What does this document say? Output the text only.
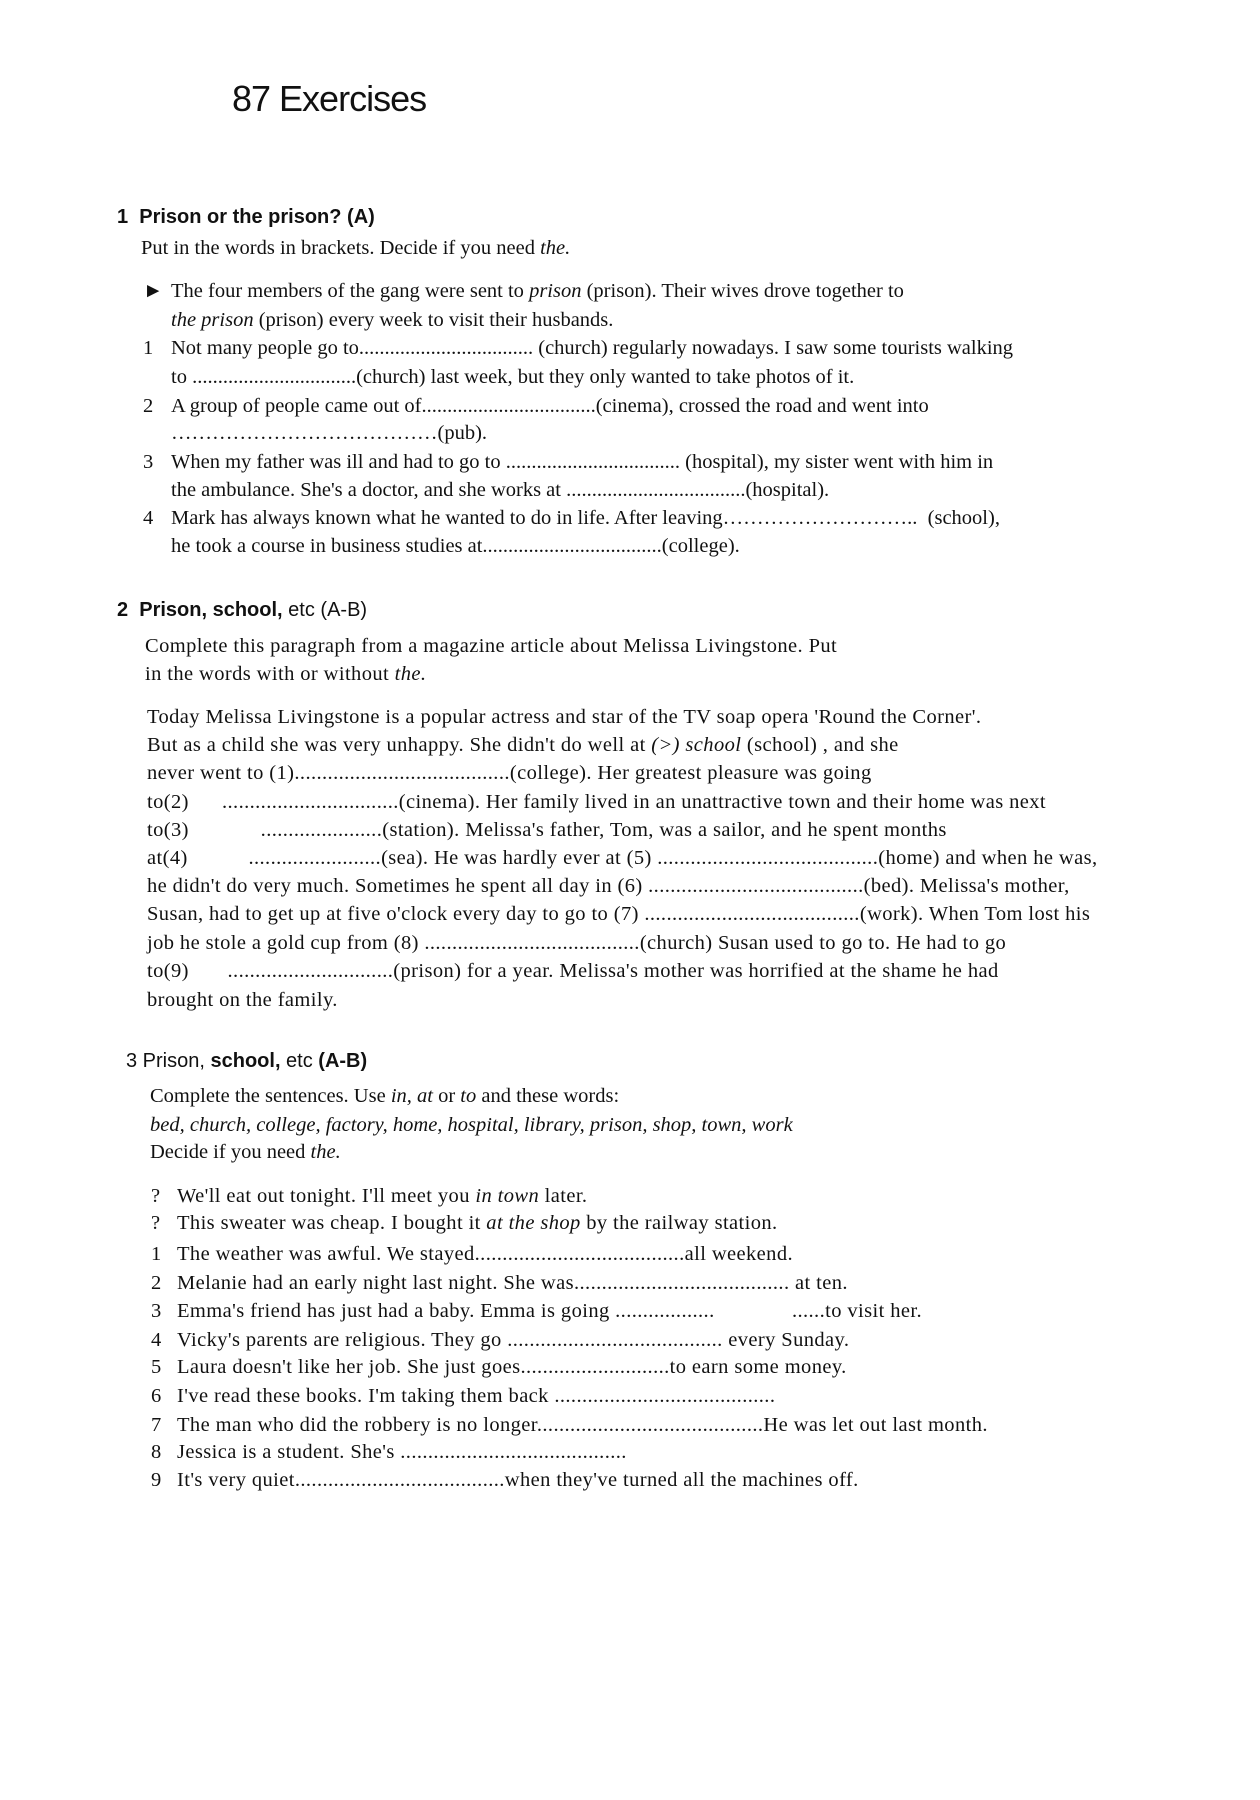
87 Exercises
1  Prison or the prison? (A)
Put in the words in brackets. Decide if you need the.
► The four members of the gang were sent to prison (prison). Their wives drove together to
the prison (prison) every week to visit their husbands.
1 Not many people go to.................................. (church) regularly nowadays. I saw some tourists walking
to ................................(church) last week, but they only wanted to take photos of it.
2 A group of people came out of..................................(cinema), crossed the road and went into
…………………………………(pub).
3 When my father was ill and had to go to .................................. (hospital), my sister went with him in
the ambulance. She's a doctor, and she works at ...................................(hospital).
4 Mark has always known what he wanted to do in life. After leaving………………………..  (school),
he took a course in business studies at...................................(college).
2  Prison, school, etc (A-B)
Complete this paragraph from a magazine article about Melissa Livingstone. Put
in the words with or without the.
Today Melissa Livingstone is a popular actress and star of the TV soap opera 'Round the Corner'.
But as a child she was very unhappy. She didn't do well at (>) school (school) , and she
never went to (1).......................................(college). Her greatest pleasure was going
to(2)      ................................(cinema). Her family lived in an unattractive town and their home was next
to(3)             ......................(station). Melissa's father, Tom, was a sailor, and he spent months
at(4)           ........................(sea). He was hardly ever at (5) ........................................(home) and when he was,
he didn't do very much. Sometimes he spent all day in (6) .......................................(bed). Melissa's mother,
Susan, had to get up at five o'clock every day to go to (7) .......................................(work). When Tom lost his
job he stole a gold cup from (8) .......................................(church) Susan used to go to. He had to go
to(9)       ..............................(prison) for a year. Melissa's mother was horrified at the shame he had
brought on the family.
3 Prison, school, etc (A-B)
Complete the sentences. Use in, at or to and these words:
bed, church, college, factory, home, hospital, library, prison, shop, town, work
Decide if you need the.
? We'll eat out tonight. I'll meet you in town later.
? This sweater was cheap. I bought it at the shop by the railway station.
1 The weather was awful. We stayed......................................all weekend.
2 Melanie had an early night last night. She was....................................... at ten.
3 Emma's friend has just had a baby. Emma is going ..................              ......to visit her.
4 Vicky's parents are religious. They go ....................................... every Sunday.
5 Laura doesn't like her job. She just goes...........................to earn some money.
6 I've read these books. I'm taking them back ........................................
7 The man who did the robbery is no longer.........................................He was let out last month.
8 Jessica is a student. She's .........................................
9 It's very quiet......................................when they've turned all the machines off.
